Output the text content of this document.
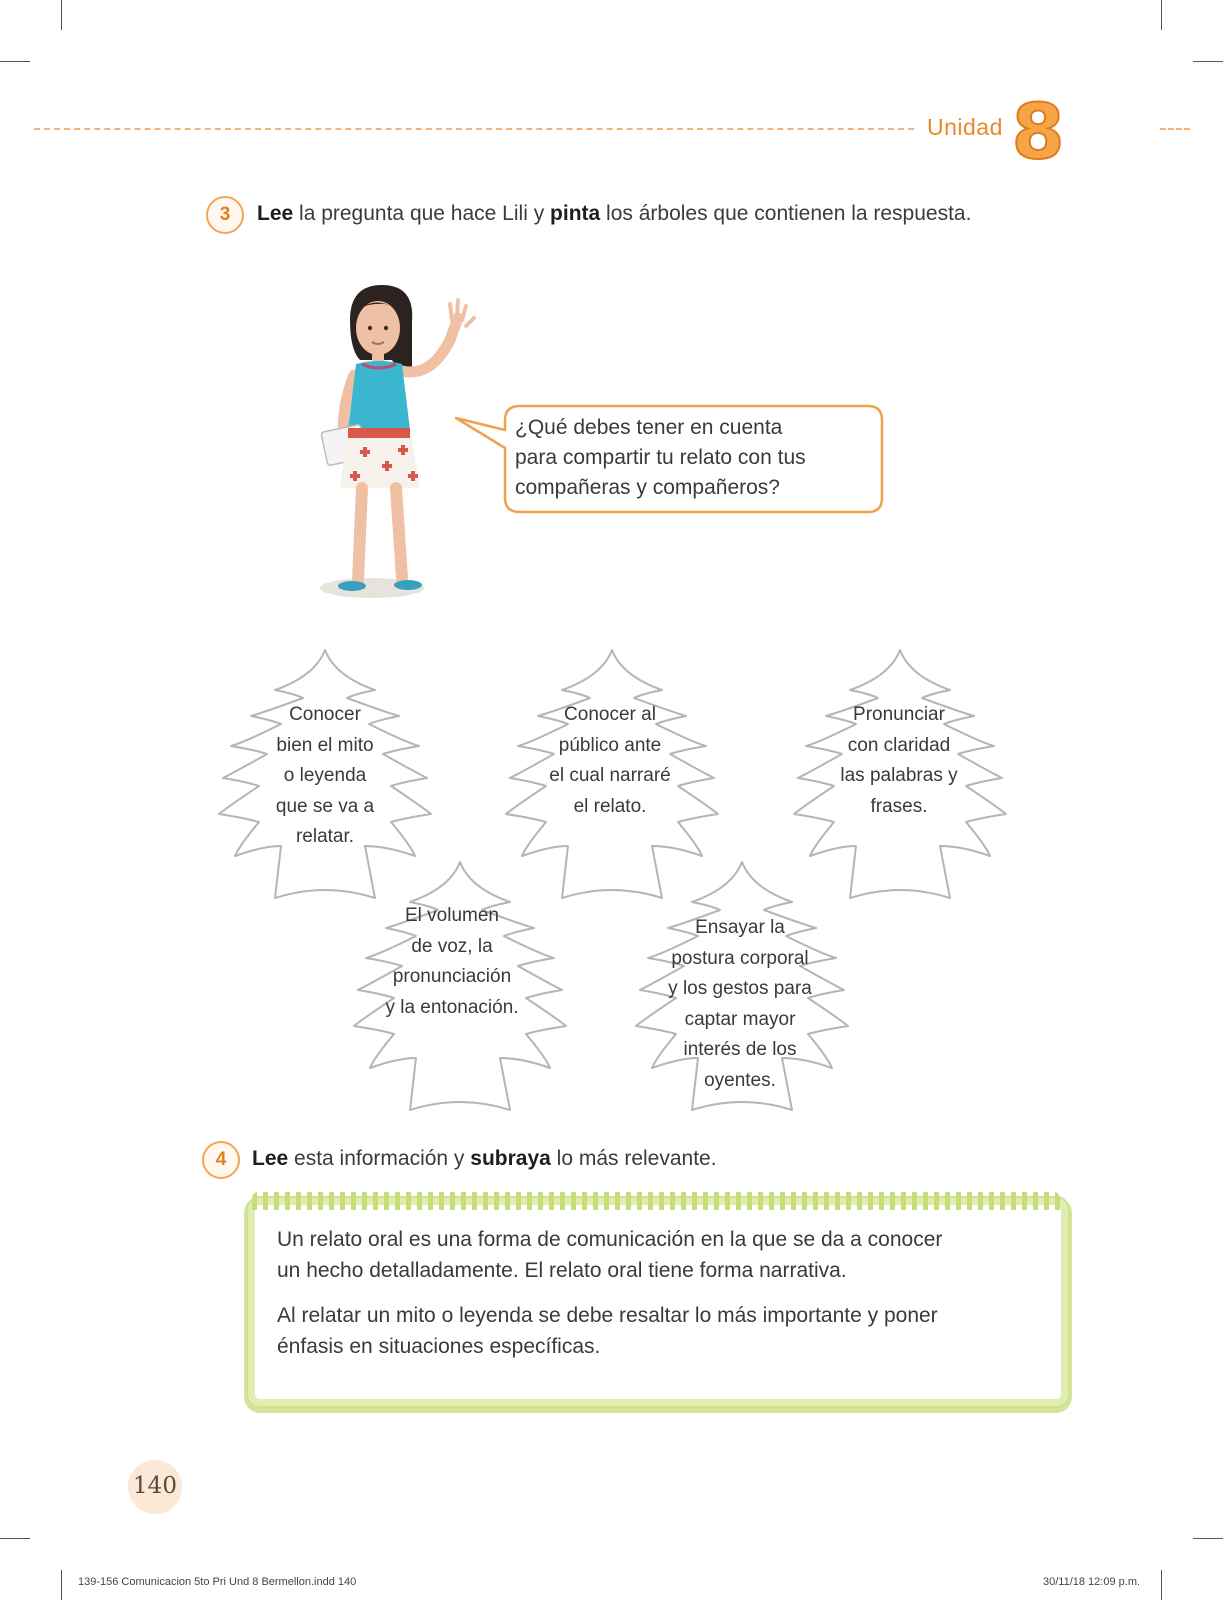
Unidad 8
3	Lee la pregunta que hace Lili y pinta los árboles que contienen la respuesta.
¿Qué debes tener en cuenta
para compartir tu relato con tus
compañeras y compañeros?
Conocer
bien el mito
o leyenda
que se va a
relatar.
Conocer al
público ante
el cual narraré
el relato.
Pronunciar
con claridad
las palabras y
frases.
El volumen
de voz, la
pronunciación
y la entonación.
Ensayar la
postura corporal
y los gestos para
captar mayor
interés de los
oyentes.
4	Lee esta información y subraya lo más relevante.
Un relato oral es una forma de comunicación en la que se da a conocer
un hecho detalladamente. El relato oral tiene forma narrativa.
Al relatar un mito o leyenda se debe resaltar lo más importante y poner
énfasis en situaciones específicas.
140
139-156 Comunicacion 5to Pri Und 8 Bermellon.indd 140	30/11/18 12:09 p.m.
